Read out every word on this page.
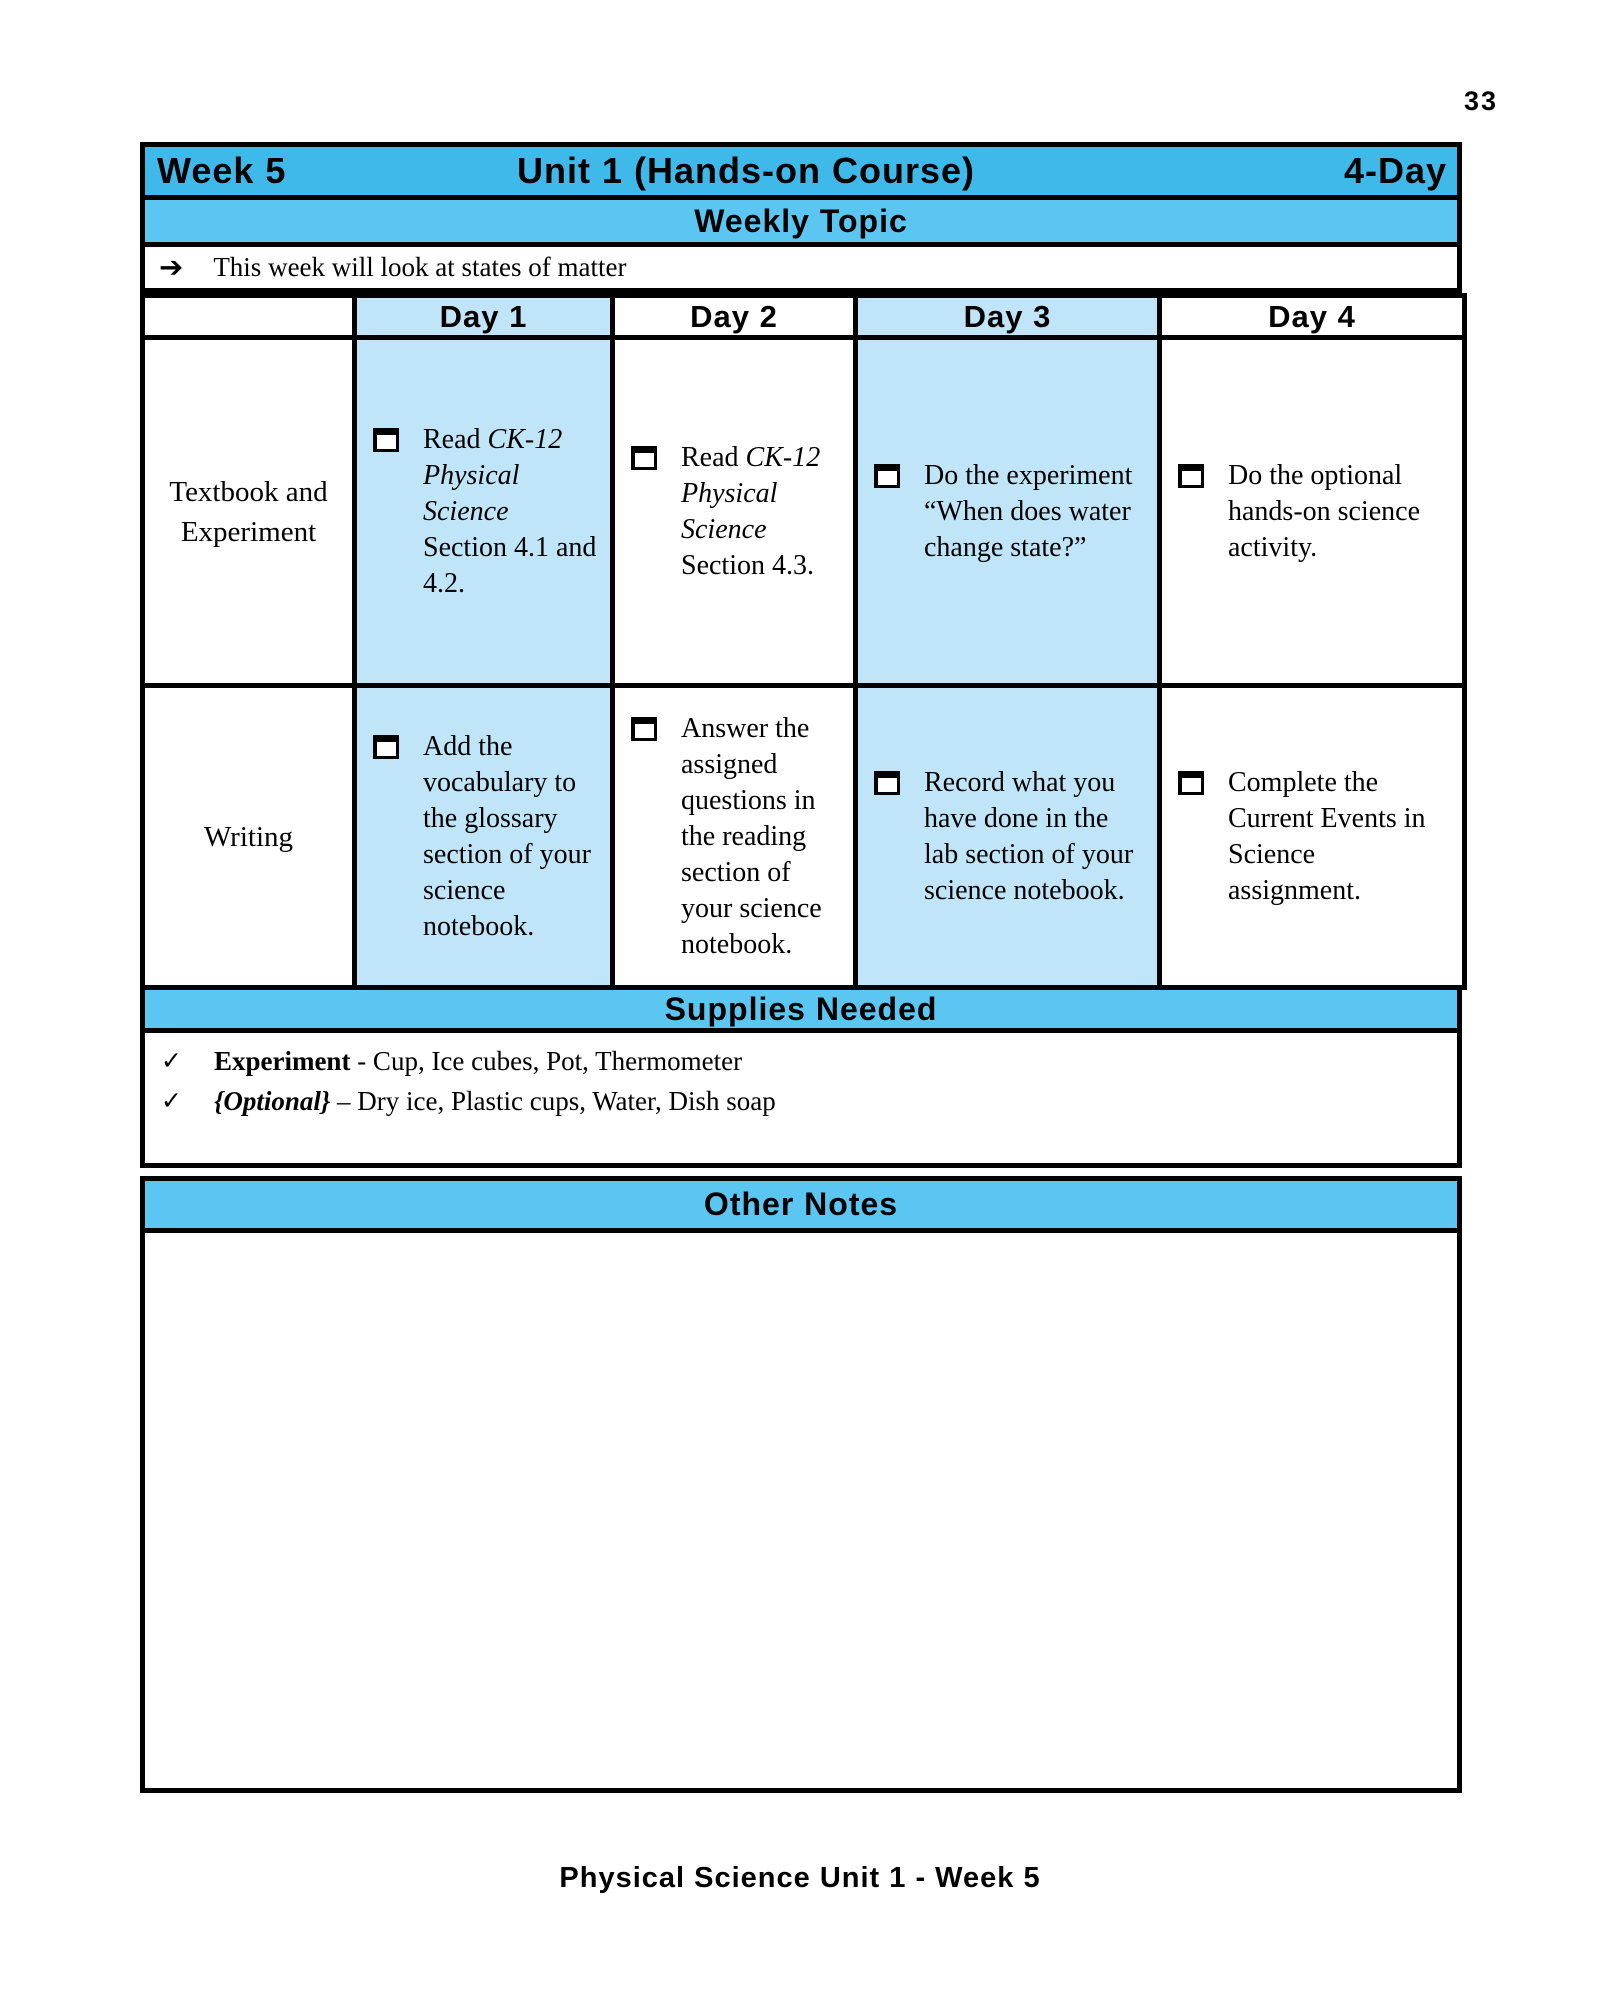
33
Week 5	Unit 1 (Hands-on Course)	4-Day
Weekly Topic
➔ This week will look at states of matter
	Day 1	Day 2	Day 3	Day 4
Textbook and Experiment	Read CK-12 Physical Science Section 4.1 and 4.2.	Read CK-12 Physical Science Section 4.3.	Do the experiment “When does water change state?”	Do the optional hands-on science activity.

Writing	Add the vocabulary to the glossary section of your science notebook.	Answer the assigned questions in the reading section of your science notebook.	Record what you have done in the lab section of your science notebook.	Complete the Current Events in Science assignment.
Supplies Needed
✓ Experiment - Cup, Ice cubes, Pot, Thermometer
✓ {Optional} – Dry ice, Plastic cups, Water, Dish soap
Other Notes
Physical Science Unit 1 - Week 5
